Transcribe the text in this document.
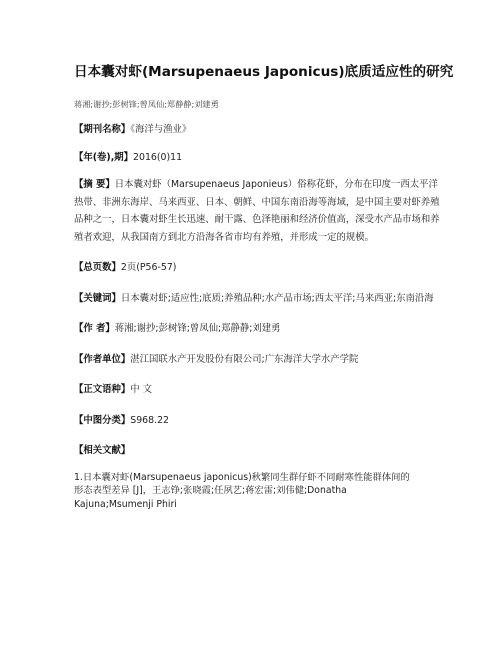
日本囊对虾(Marsupenaeus Japonicus)底质适应性的研究
蒋湘;谢抄;彭树锋;曾凤仙;郑静静;刘建勇
【期刊名称】《海洋与渔业》
【年(卷),期】2016(0)11
【摘 要】日本囊对虾（Marsupenaeus Japonieus）俗称花虾，分布在印度一西太平洋热带、非洲东海岸、马来西亚、日本、朝鲜、中国东南沿海等海域，是中国主要对虾养殖品种之一，日本囊对虾生长迅速、耐干露、色泽艳丽和经济价值高，深受水产品市场和养殖者欢迎，从我国南方到北方沿海各省市均有养殖，并形成一定的规模。
【总页数】2页(P56-57)
【关键词】日本囊对虾;适应性;底质;养殖品种;水产品市场;西太平洋;马来西亚;东南沿海
【作 者】蒋湘;谢抄;彭树锋;曾凤仙;郑静静;刘建勇
【作者单位】湛江国联水产开发股份有限公司;广东海洋大学水产学院
【正文语种】中 文
【中图分类】S968.22
【相关文献】
1.日本囊对虾(Marsupenaeus japonicus)秋繁同生群仔虾不同耐寒性能群体间的
形态表型差异 [J]，王志铮;张晓霞;任夙艺;蒋宏雷;刘伟健;Donatha
Kajuna;Msumenji Phiri
